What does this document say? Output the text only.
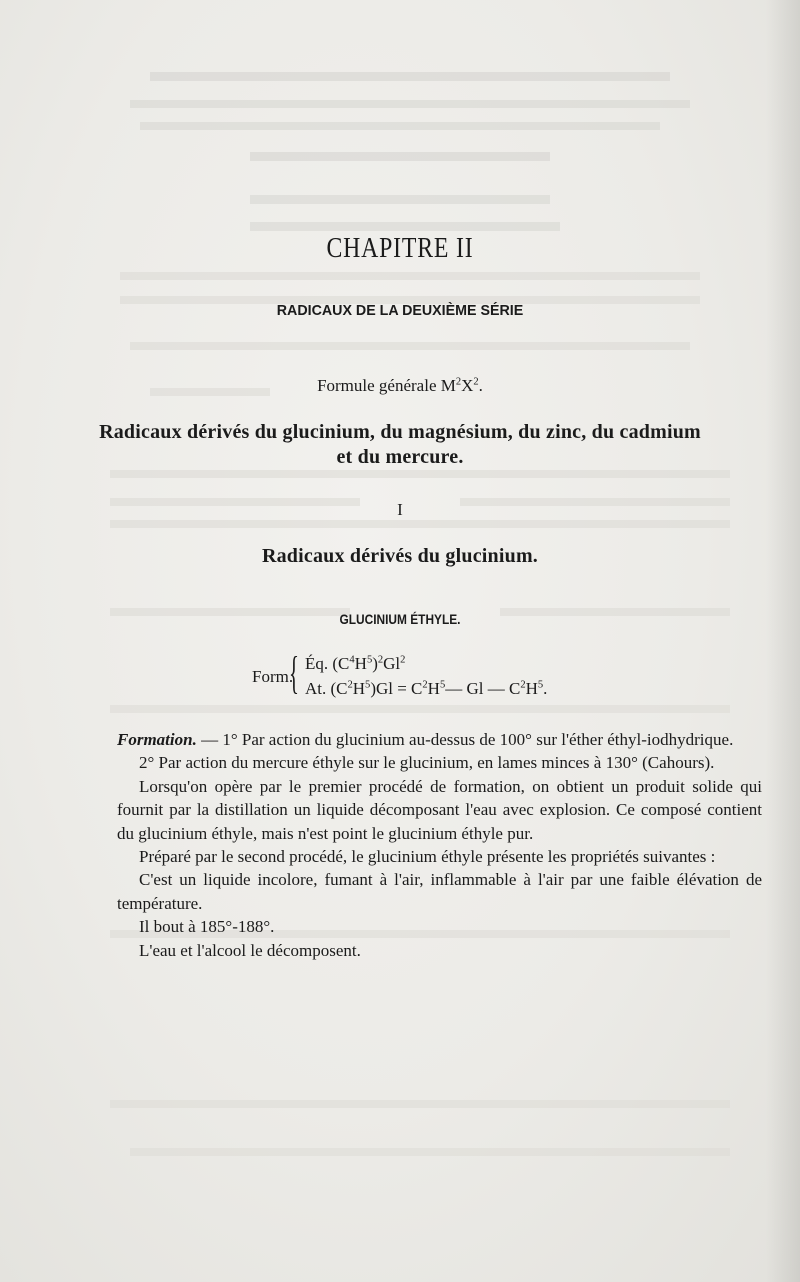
CHAPITRE II
RADICAUX DE LA DEUXIÈME SÉRIE
Formule générale $M^2X^2$.
Radicaux dérivés du glucinium, du magnésium, du zinc, du cadmium et du mercure.
I
Radicaux dérivés du glucinium.
GLUCINIUM ÉTHYLE.
Form.
{ Éq. $(C^4H^5)^2Gl^2$
At. $(C^2H^5)Gl$ = $C^2H^5—$ Gl — $C^2H^5$.

Formation. — 1° Par action du glucinium au-dessus de 100° sur l'éther éthyl-iodhydrique.

2° Par action du mercure éthyle sur le glucinium, en lames minces à 130° (Cahours).

Lorsqu'on opère par le premier procédé de formation, on obtient un produit solide qui fournit par la distillation un liquide décomposant l'eau avec explosion. Ce composé contient du glucinium éthyle, mais n'est point le glucinium éthyle pur.

Préparé par le second procédé, le glucinium éthyle présente les propriétés suivantes :

C'est un liquide incolore, fumant à l'air, inflammable à l'air par une faible élévation de température.

Il bout à 185°-188°.

L'eau et l'alcool le décomposent.
